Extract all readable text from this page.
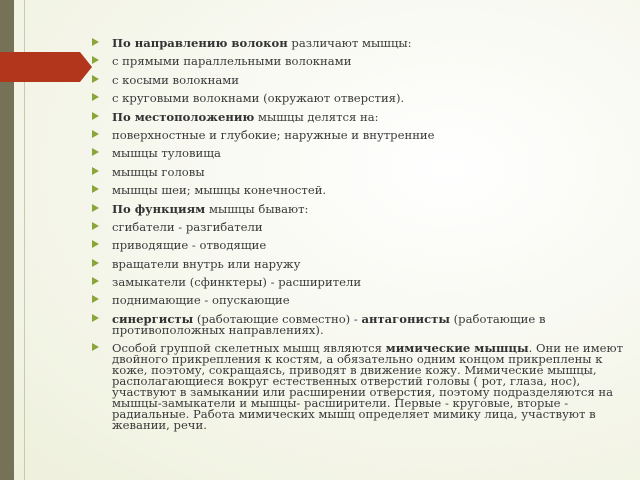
По направлению волокон различают мышцы:
с прямыми параллельными волокнами
с косыми волокнами
с круговыми волокнами (окружают отверстия).
По местоположению мышцы делятся на:
поверхностные и глубокие; наружные и внутренние
мышцы туловища
мышцы головы
мышцы шеи; мышцы конечностей.
По функциям мышцы бывают:
сгибатели - разгибатели
приводящие - отводящие
вращатели внутрь или наружу
замыкатели (сфинктеры) - расширители
поднимающие - опускающие
синергисты (работающие совместно) - антагонисты (работающие в противоположных направлениях).
Особой группой скелетных мышц являются мимические мышцы. Они не имеют двойного прикрепления к костям, а обязательно одним концом прикреплены к коже, поэтому, сокращаясь, приводят в движение кожу. Мимические мышцы, располагающиеся вокруг естественных отверстий головы ( рот, глаза, нос), участвуют в замыкании или расширении отверстия, поэтому подразделяются на мышцы-замыкатели и мышцы- расширители. Первые - круговые, вторые - радиальные. Работа мимических мышц определяет мимику лица, участвуют в жевании, речи.
